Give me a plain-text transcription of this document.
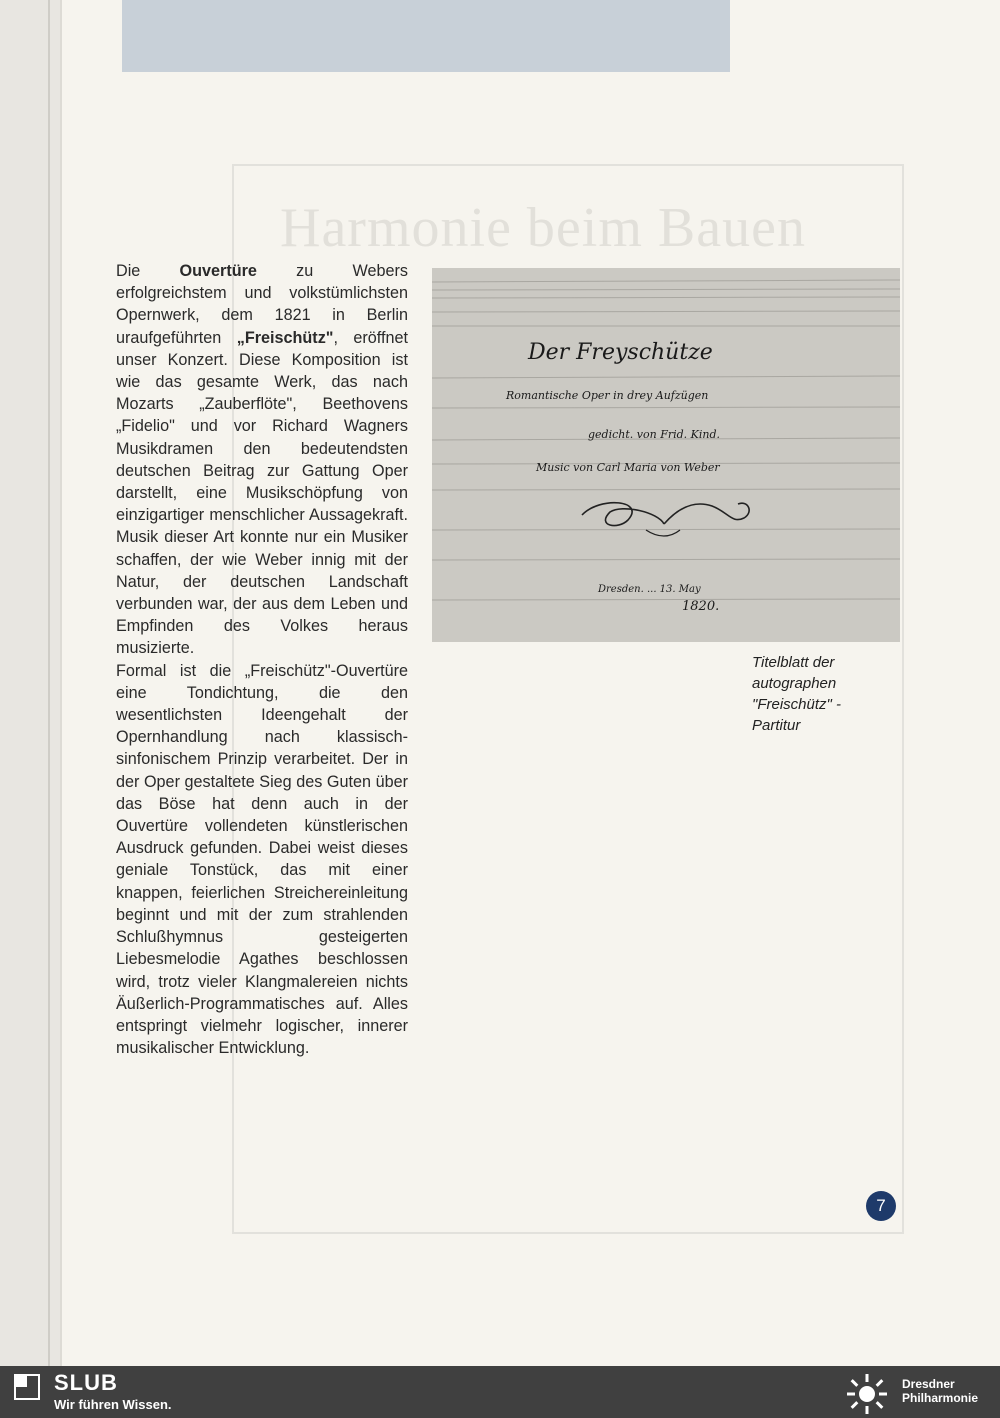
Harmonie beim Bauen

Die Ouvertüre zu Webers erfolgreichstem und volkstümlichsten Opernwerk, dem 1821 in Berlin uraufgeführten „Freischütz", eröffnet unser Konzert. Diese Komposition ist wie das gesamte Werk, das nach Mozarts „Zauberflöte", Beethovens „Fidelio" und vor Richard Wagners Musikdramen den bedeutendsten deutschen Beitrag zur Gattung Oper darstellt, eine Musikschöpfung von einzigartiger menschlicher Aussagekraft. Musik dieser Art konnte nur ein Musiker schaffen, der wie Weber innig mit der Natur, der deutschen Landschaft verbunden war, der aus dem Leben und Empfinden des Volkes heraus musizierte.

Formal ist die „Freischütz"-Ouvertüre eine Tondichtung, die den wesentlichsten Ideengehalt der Opernhandlung nach klassisch-sinfonischem Prinzip verarbeitet. Der in der Oper gestaltete Sieg des Guten über das Böse hat denn auch in der Ouvertüre vollendeten künstlerischen Ausdruck gefunden. Dabei weist dieses geniale Tonstück, das mit einer knappen, feierlichen Streichereinleitung beginnt und mit der zum strahlenden Schlußhymnus gesteigerten Liebesmelodie Agathes beschlossen wird, trotz vieler Klangmalereien nichts Äußerlich-Programmatisches auf. Alles entspringt vielmehr logischer, innerer musikalischer Entwicklung.

Der Freyschütze
Romantische Oper in drey Aufzügen
gedicht. von Frid. Kind.
Music von Carl Maria von Weber
Dresden. ... 13. May
1820.
Titelblatt der autographen "Freischütz" - Partitur
7
SLUB
Wir führen Wissen.
Dresdner
Philharmonie
